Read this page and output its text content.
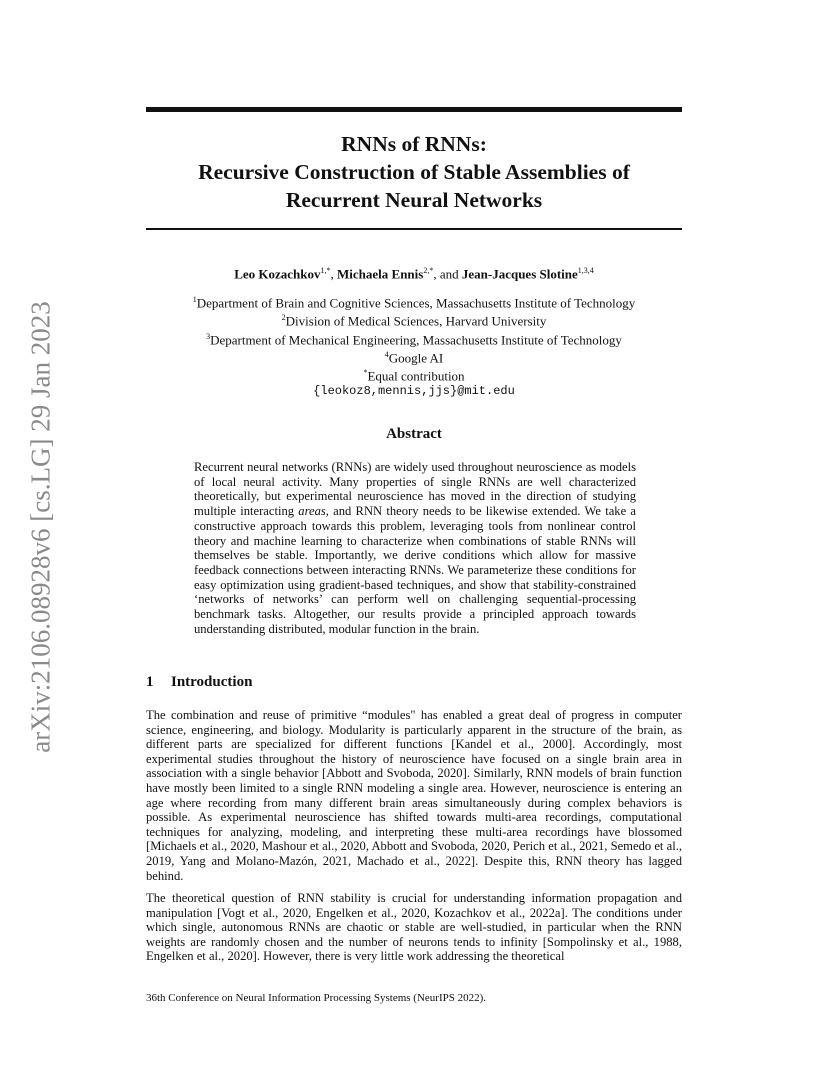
arXiv:2106.08928v6 [cs.LG] 29 Jan 2023
RNNs of RNNs:
Recursive Construction of Stable Assemblies of
Recurrent Neural Networks
Leo Kozachkov$^{1,*}$, Michaela Ennis$^{2,*}$, and Jean-Jacques Slotine$^{1,3,4}$
$^1$Department of Brain and Cognitive Sciences, Massachusetts Institute of Technology
$^2$Division of Medical Sciences, Harvard University
$^3$Department of Mechanical Engineering, Massachusetts Institute of Technology
$^4$Google AI
*Equal contribution
{leokoz8,mennis,jjs}@mit.edu
Abstract
Recurrent neural networks (RNNs) are widely used throughout neuroscience as models of local neural activity. Many properties of single RNNs are well characterized theoretically, but experimental neuroscience has moved in the direction of studying multiple interacting areas, and RNN theory needs to be likewise extended. We take a constructive approach towards this problem, leveraging tools from nonlinear control theory and machine learning to characterize when combinations of stable RNNs will themselves be stable. Importantly, we derive conditions which allow for massive feedback connections between interacting RNNs. We parameterize these conditions for easy optimization using gradient-based techniques, and show that stability-constrained ‘networks of networks’ can perform well on challenging sequential-processing benchmark tasks. Altogether, our results provide a principled approach towards understanding distributed, modular function in the brain.
1 Introduction

The combination and reuse of primitive “modules" has enabled a great deal of progress in computer science, engineering, and biology. Modularity is particularly apparent in the structure of the brain, as different parts are specialized for different functions [Kandel et al., 2000]. Accordingly, most experimental studies throughout the history of neuroscience have focused on a single brain area in association with a single behavior [Abbott and Svoboda, 2020]. Similarly, RNN models of brain function have mostly been limited to a single RNN modeling a single area. However, neuroscience is entering an age where recording from many different brain areas simultaneously during complex behaviors is possible. As experimental neuroscience has shifted towards multi-area recordings, computational techniques for analyzing, modeling, and interpreting these multi-area recordings have blossomed [Michaels et al., 2020, Mashour et al., 2020, Abbott and Svoboda, 2020, Perich et al., 2021, Semedo et al., 2019, Yang and Molano-Mazón, 2021, Machado et al., 2022]. Despite this, RNN theory has lagged behind.

The theoretical question of RNN stability is crucial for understanding information propagation and manipulation [Vogt et al., 2020, Engelken et al., 2020, Kozachkov et al., 2022a]. The conditions under which single, autonomous RNNs are chaotic or stable are well-studied, in particular when the RNN weights are randomly chosen and the number of neurons tends to infinity [Sompolinsky et al., 1988, Engelken et al., 2020]. However, there is very little work addressing the theoretical

36th Conference on Neural Information Processing Systems (NeurIPS 2022).
